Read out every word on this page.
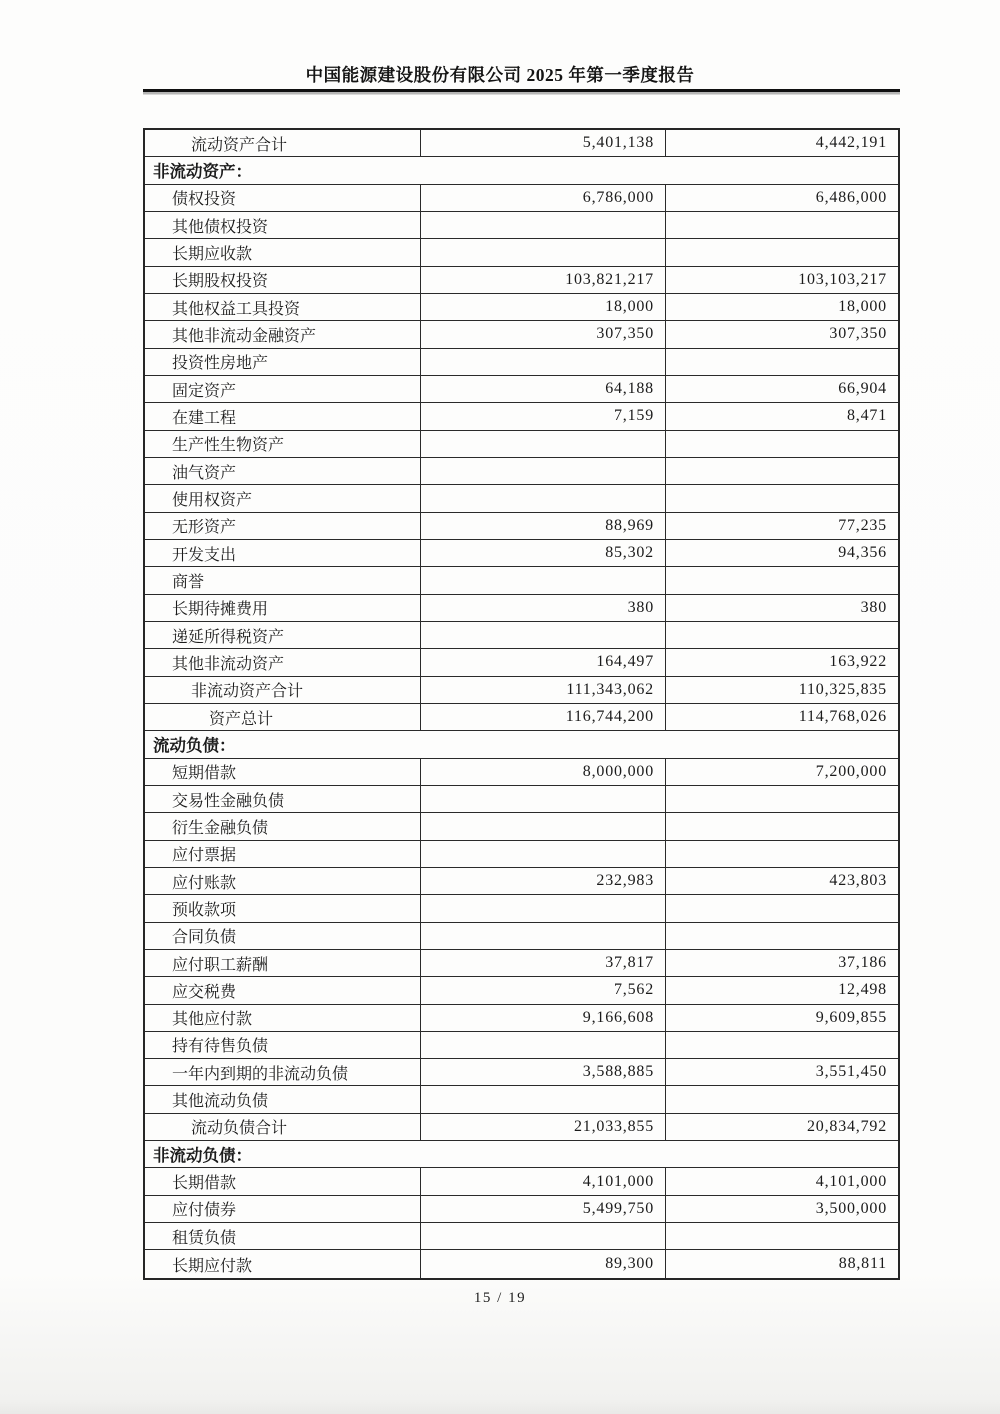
中国能源建设股份有限公司 2025 年第一季度报告
流动资产合计	5,401,138	4,442,191
非流动资产：
债权投资	6,786,000	6,486,000
其他债权投资
长期应收款
长期股权投资	103,821,217	103,103,217
其他权益工具投资	18,000	18,000
其他非流动金融资产	307,350	307,350
投资性房地产
固定资产	64,188	66,904
在建工程	7,159	8,471
生产性生物资产
油气资产
使用权资产
无形资产	88,969	77,235
开发支出	85,302	94,356
商誉
长期待摊费用	380	380
递延所得税资产
其他非流动资产	164,497	163,922
非流动资产合计	111,343,062	110,325,835
资产总计	116,744,200	114,768,026
流动负债：
短期借款	8,000,000	7,200,000
交易性金融负债
衍生金融负债
应付票据
应付账款	232,983	423,803
预收款项
合同负债
应付职工薪酬	37,817	37,186
应交税费	7,562	12,498
其他应付款	9,166,608	9,609,855
持有待售负债
一年内到期的非流动负债	3,588,885	3,551,450
其他流动负债
流动负债合计	21,033,855	20,834,792
非流动负债：
长期借款	4,101,000	4,101,000
应付债券	5,499,750	3,500,000
租赁负债
长期应付款	89,300	88,811
15 / 19
